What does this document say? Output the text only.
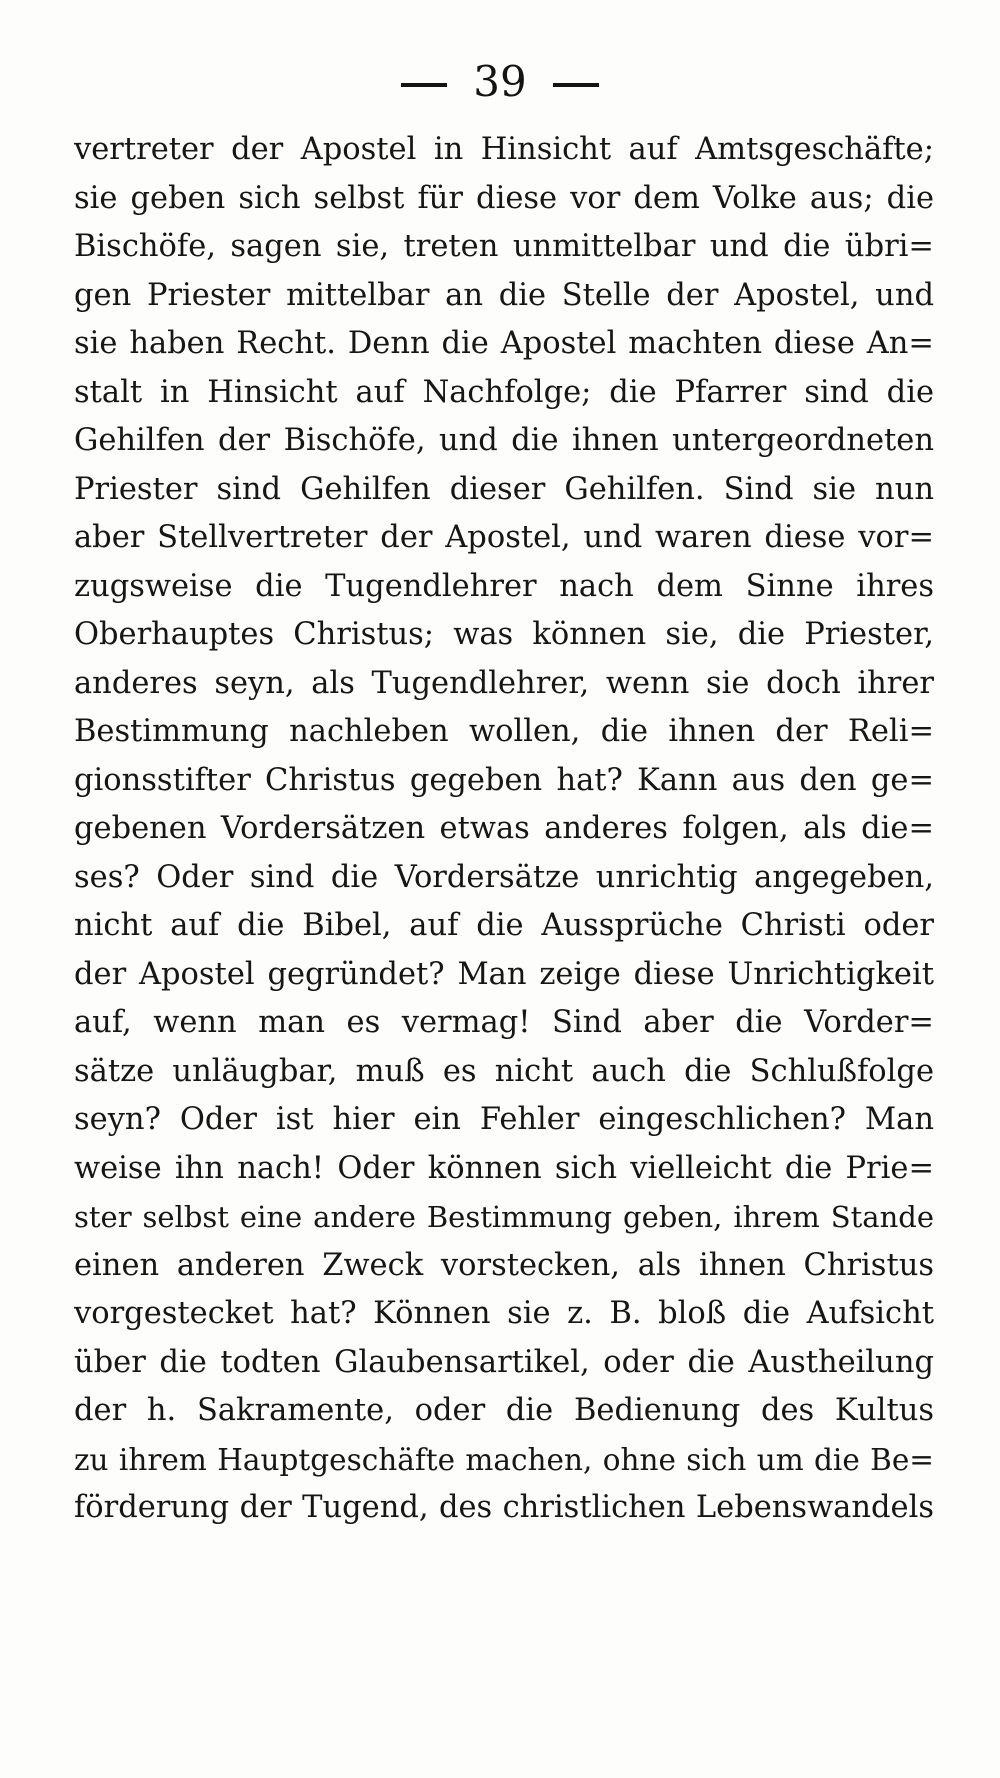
39
vertreter der Apostel in Hinsicht auf Amtsgeschäfte;
sie geben sich selbst für diese vor dem Volke aus; die
Bischöfe, sagen sie, treten unmittelbar und die übri=
gen Priester mittelbar an die Stelle der Apostel, und
sie haben Recht. Denn die Apostel machten diese An=
stalt in Hinsicht auf Nachfolge; die Pfarrer sind die
Gehilfen der Bischöfe, und die ihnen untergeordneten
Priester sind Gehilfen dieser Gehilfen. Sind sie nun
aber Stellvertreter der Apostel, und waren diese vor=
zugsweise die Tugendlehrer nach dem Sinne ihres
Oberhauptes Christus; was können sie, die Priester,
anderes seyn, als Tugendlehrer, wenn sie doch ihrer
Bestimmung nachleben wollen, die ihnen der Reli=
gionsstifter Christus gegeben hat? Kann aus den ge=
gebenen Vordersätzen etwas anderes folgen, als die=
ses? Oder sind die Vordersätze unrichtig angegeben,
nicht auf die Bibel, auf die Aussprüche Christi oder
der Apostel gegründet? Man zeige diese Unrichtigkeit
auf, wenn man es vermag! Sind aber die Vorder=
sätze unläugbar, muß es nicht auch die Schlußfolge
seyn? Oder ist hier ein Fehler eingeschlichen? Man
weise ihn nach! Oder können sich vielleicht die Prie=
ster selbst eine andere Bestimmung geben, ihrem Stande
einen anderen Zweck vorstecken, als ihnen Christus
vorgestecket hat? Können sie z. B. bloß die Aufsicht
über die todten Glaubensartikel, oder die Austheilung
der h. Sakramente, oder die Bedienung des Kultus
zu ihrem Hauptgeschäfte machen, ohne sich um die Be=
förderung der Tugend, des christlichen Lebenswandels
